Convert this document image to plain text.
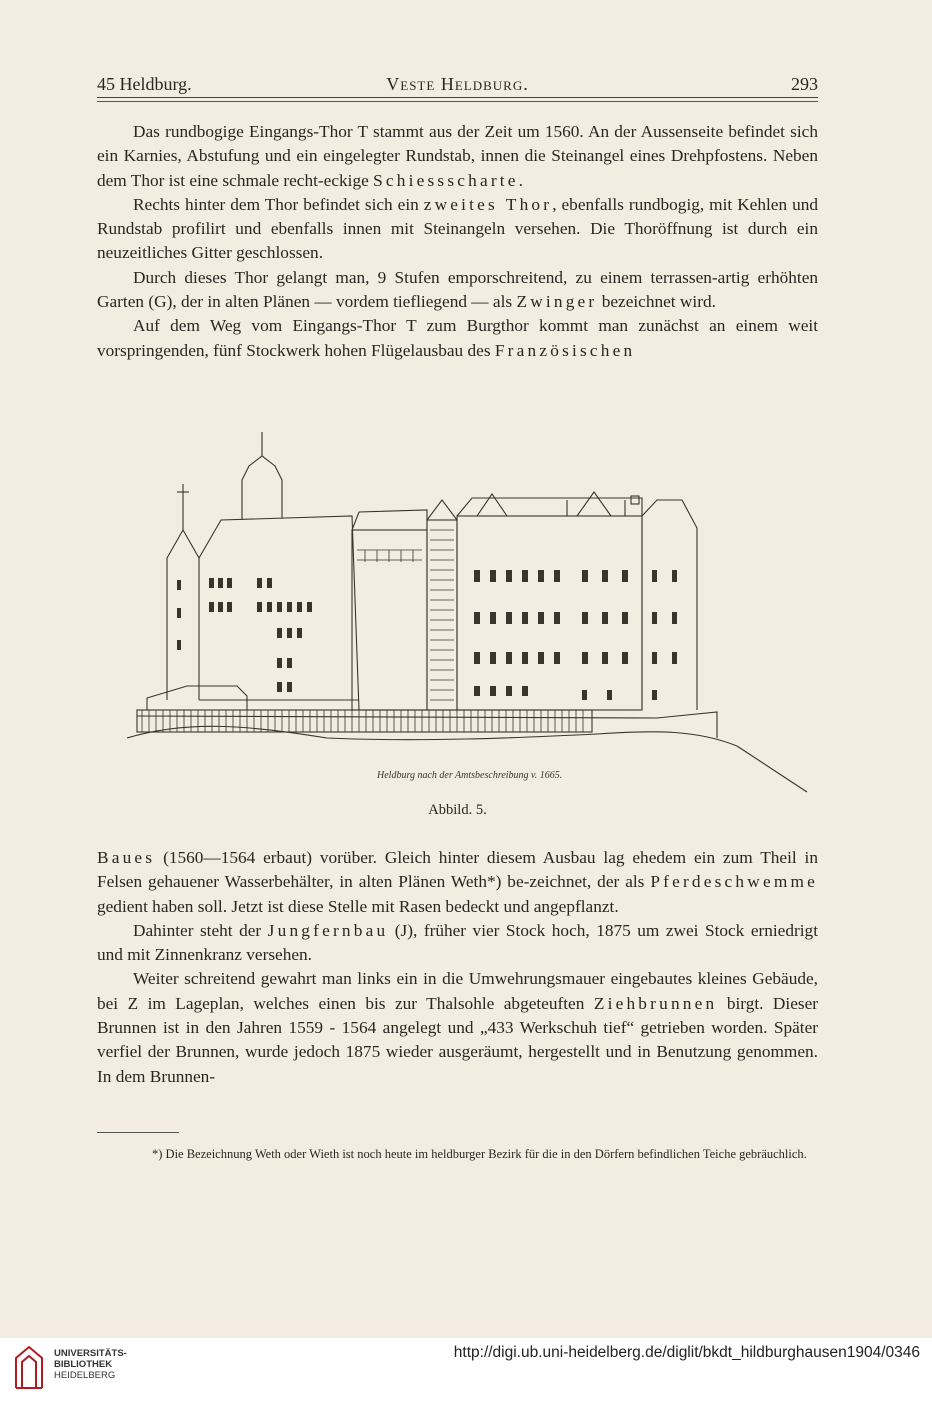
45 Heldburg.	Veste Heldburg.	293

Das rundbogige Eingangs-Thor T stammt aus der Zeit um 1560. An der Aussenseite befindet sich ein Karnies, Abstufung und ein eingelegter Rundstab, innen die Steinangel eines Drehpfostens. Neben dem Thor ist eine schmale recht-eckige Schiessscharte.

Rechts hinter dem Thor befindet sich ein zweites Thor, ebenfalls rundbogig, mit Kehlen und Rundstab profilirt und ebenfalls innen mit Steinangeln versehen. Die Thoröffnung ist durch ein neuzeitliches Gitter geschlossen.

Durch dieses Thor gelangt man, 9 Stufen emporschreitend, zu einem terrassen-artig erhöhten Garten (G), der in alten Plänen — vordem tiefliegend — als Zwinger bezeichnet wird.

Auf dem Weg vom Eingangs-Thor T zum Burgthor kommt man zunächst an einem weit vorspringenden, fünf Stockwerk hohen Flügelausbau des Französischen

Heldburg nach der Amtsbeschreibung v. 1665.
Abbild. 5.

Baues (1560—1564 erbaut) vorüber. Gleich hinter diesem Ausbau lag ehedem ein zum Theil in Felsen gehauener Wasserbehälter, in alten Plänen Weth*) be-zeichnet, der als Pferdeschwemme gedient haben soll. Jetzt ist diese Stelle mit Rasen bedeckt und angepflanzt.

Dahinter steht der Jungfernbau (J), früher vier Stock hoch, 1875 um zwei Stock erniedrigt und mit Zinnenkranz versehen.

Weiter schreitend gewahrt man links ein in die Umwehrungsmauer eingebautes kleines Gebäude, bei Z im Lageplan, welches einen bis zur Thalsohle abgeteuften Ziehbrunnen birgt. Dieser Brunnen ist in den Jahren 1559 - 1564 angelegt und „433 Werkschuh tief“ getrieben worden. Später verfiel der Brunnen, wurde jedoch 1875 wieder ausgeräumt, hergestellt und in Benutzung genommen. In dem Brunnen-

*) Die Bezeichnung Weth oder Wieth ist noch heute im heldburger Bezirk für die in den Dörfern befindlichen Teiche gebräuchlich.

UNIVERSITÄTS-
BIBLIOTHEK
HEIDELBERG
http://digi.ub.uni-heidelberg.de/diglit/bkdt_hildburghausen1904/0346
